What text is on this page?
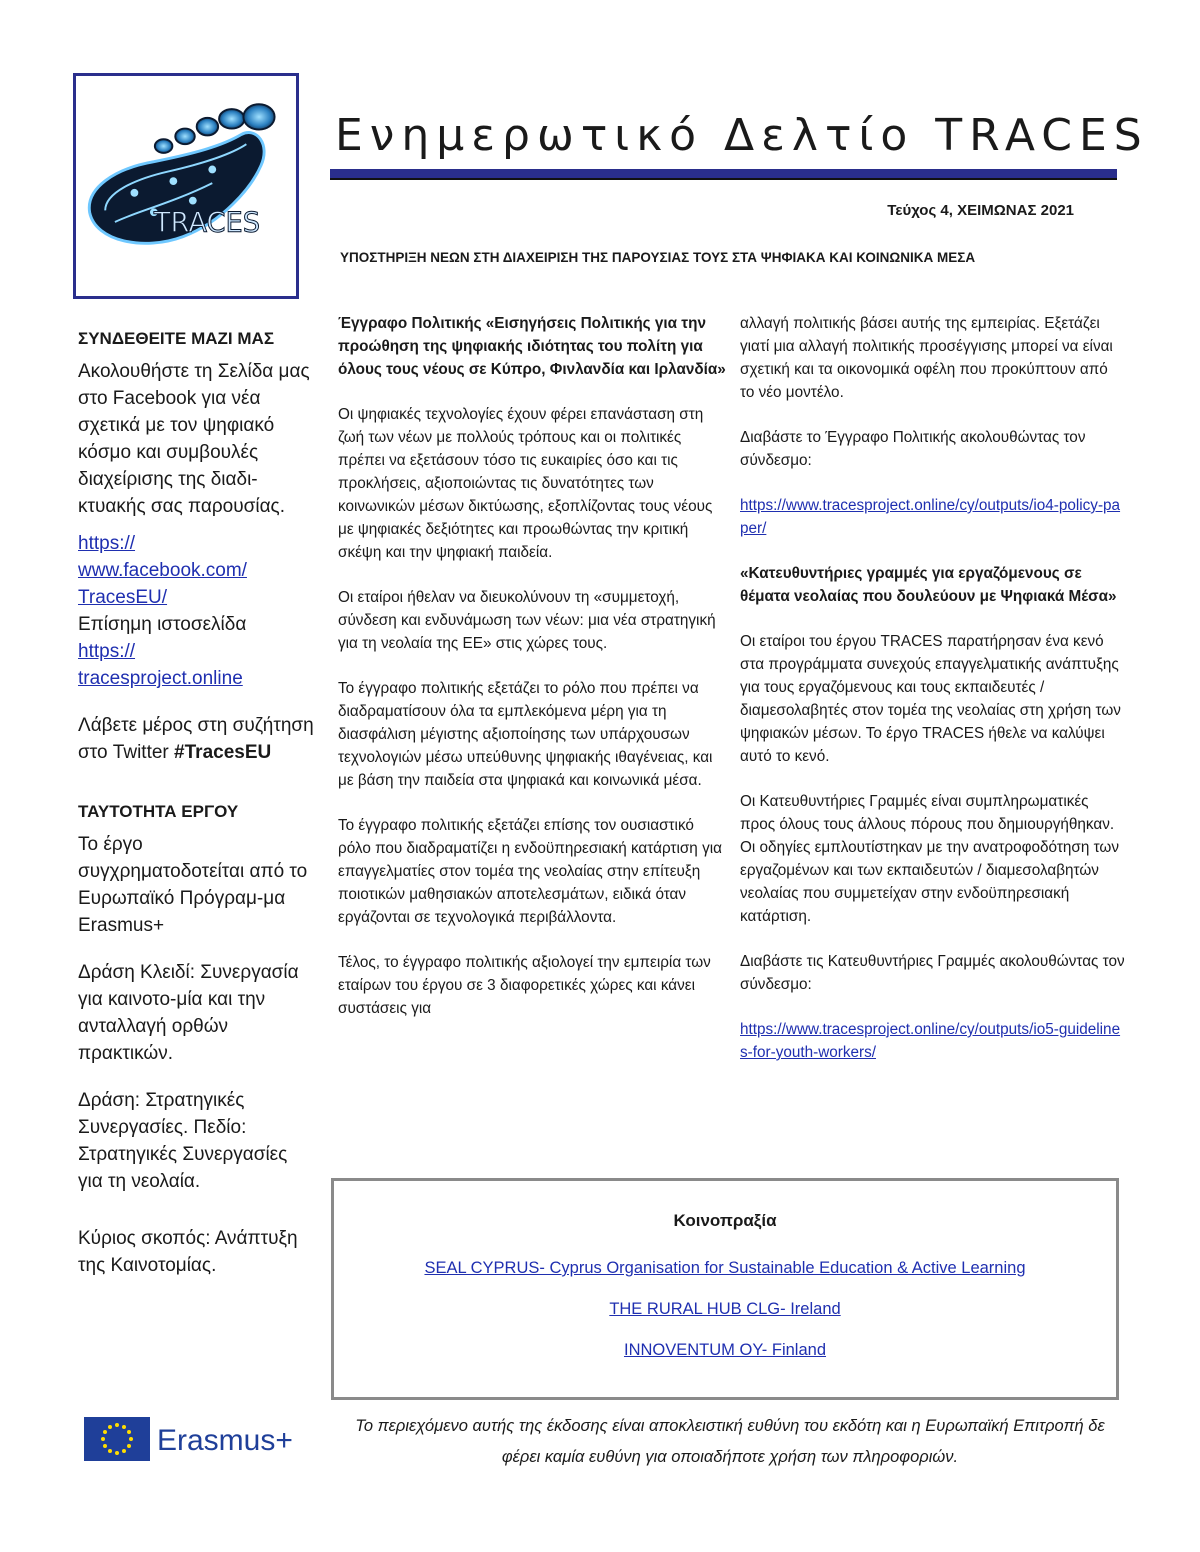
TRACES
Ενημερωτικό Δελτίο TRACES
Τεύχος 4, ΧΕΙΜΩΝΑΣ 2021
ΥΠΟΣΤΗΡΙΞΗ ΝΕΩΝ ΣΤΗ ΔΙΑΧΕΙΡΙΣΗ ΤΗΣ ΠΑΡΟΥΣΙΑΣ ΤΟΥΣ ΣΤΑ ΨΗΦΙΑΚΑ ΚΑΙ ΚΟΙΝΩΝΙΚΑ ΜΕΣΑ

ΣΥΝΔΕΘΕΙΤΕ ΜΑΖΙ ΜΑΣ

Ακολουθήστε τη Σελίδα μας στο Facebook για νέα σχετικά με τον ψηφιακό κόσμο και συμβουλές διαχείρισης της διαδι-κτυακής σας παρουσίας.

https://
www.facebook.com/
TracesEU/

Επίσημη ιστοσελίδα

https://
tracesproject.online

Λάβετε μέρος στη συζήτηση στο Twitter #TracesEU

ΤΑΥΤΟΤΗΤΑ ΕΡΓΟΥ

Το έργο συγχρηματοδοτείται από το Ευρωπαϊκό Πρόγραμ-μα Erasmus+

Δράση Κλειδί: Συνεργασία για καινοτο-μία και την ανταλλαγή ορθών πρακτικών.

Δράση: Στρατηγικές Συνεργασίες. Πεδίο: Στρατηγικές Συνεργασίες για τη νεολαία.

Κύριος σκοπός: Ανάπτυξη της Καινοτομίας.

Έγγραφο Πολιτικής «Εισηγήσεις Πολιτικής για την προώθηση της ψηφιακής ιδιότητας του πολίτη για όλους τους νέους σε Κύπρο, Φινλανδία και Ιρλανδία»

Οι ψηφιακές τεχνολογίες έχουν φέρει επανάσταση στη ζωή των νέων με πολλούς τρόπους και οι πολιτικές πρέπει να εξετάσουν τόσο τις ευκαιρίες όσο και τις προκλήσεις, αξιοποιώντας τις δυνατότητες των κοινωνικών μέσων δικτύωσης, εξοπλίζοντας τους νέους με ψηφιακές δεξιότητες και προωθώντας την κριτική σκέψη και την ψηφιακή παιδεία.

Οι εταίροι ήθελαν να διευκολύνουν τη «συμμετοχή, σύνδεση και ενδυνάμωση των νέων: μια νέα στρατηγική για τη νεολαία της ΕΕ» στις χώρες τους.

Το έγγραφο πολιτικής εξετάζει το ρόλο που πρέπει να διαδραματίσουν όλα τα εμπλεκόμενα μέρη για τη διασφάλιση μέγιστης αξιοποίησης των υπάρχουσων τεχνολογιών μέσω υπεύθυνης ψηφιακής ιθαγένειας, και με βάση την παιδεία στα ψηφιακά και κοινωνικά μέσα.

Το έγγραφο πολιτικής εξετάζει επίσης τον ουσιαστικό ρόλο που διαδραματίζει η ενδοϋπηρεσιακή κατάρτιση για επαγγελματίες στον τομέα της νεολαίας στην επίτευξη ποιοτικών μαθησιακών αποτελεσμάτων, ειδικά όταν εργάζονται σε τεχνολογικά περιβάλλοντα.

Τέλος, το έγγραφο πολιτικής αξιολογεί την εμπειρία των εταίρων του έργου σε 3 διαφορετικές χώρες και κάνει συστάσεις για

αλλαγή πολιτικής βάσει αυτής της εμπειρίας. Εξετάζει γιατί μια αλλαγή πολιτικής προσέγγισης μπορεί να είναι σχετική και τα οικονομικά οφέλη που προκύπτουν από το νέο μοντέλο.

Διαβάστε το Έγγραφο Πολιτικής ακολουθώντας τον σύνδεσμο:

https://www.tracesproject.online/cy/outputs/io4-policy-paper/

«Κατευθυντήριες γραμμές για εργαζόμενους σε θέματα νεολαίας που δουλεύουν με Ψηφιακά Μέσα»

Οι εταίροι του έργου TRACES παρατήρησαν ένα κενό στα προγράμματα συνεχούς επαγγελματικής ανάπτυξης για τους εργαζόμενους και τους εκπαιδευτές / διαμεσολαβητές στον τομέα της νεολαίας στη χρήση των ψηφιακών μέσων. Το έργο TRACES ήθελε να καλύψει αυτό το κενό.

Οι Κατευθυντήριες Γραμμές είναι συμπληρωματικές προς όλους τους άλλους πόρους που δημιουργήθηκαν. Οι οδηγίες εμπλουτίστηκαν με την ανατροφοδότηση των εργαζομένων και των εκπαιδευτών / διαμεσολαβητών νεολαίας που συμμετείχαν στην ενδοϋπηρεσιακή κατάρτιση.

Διαβάστε τις Κατευθυντήριες Γραμμές ακολουθώντας τον σύνδεσμο:

https://www.tracesproject.online/cy/outputs/io5-guidelines-for-youth-workers/

Κοινοπραξία
SEAL CYPRUS- Cyprus Organisation for Sustainable Education & Active Learning
THE RURAL HUB CLG- Ireland
INNOVENTUM OY- Finland
Το περιεχόμενο αυτής της έκδοσης είναι αποκλειστική ευθύνη του εκδότη και η Ευρωπαϊκή Επιτροπή δε φέρει καμία ευθύνη για οποιαδήποτε χρήση των πληροφοριών.
Erasmus+
